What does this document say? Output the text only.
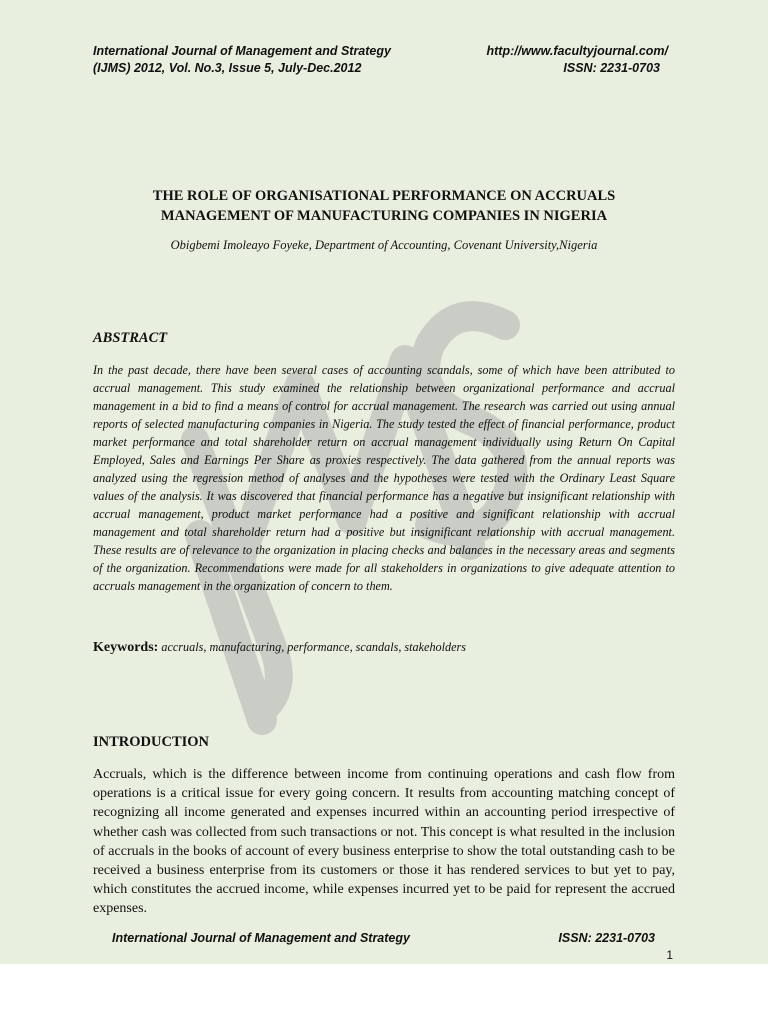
International Journal of Management and Strategy	http://www.facultyjournal.com/
(IJMS) 2012, Vol. No.3, Issue 5, July-Dec.2012	ISSN: 2231-0703
THE ROLE OF ORGANISATIONAL PERFORMANCE ON ACCRUALS
MANAGEMENT OF MANUFACTURING COMPANIES IN NIGERIA
Obigbemi Imoleayo Foyeke, Department of Accounting, Covenant University,Nigeria
ABSTRACT

In the past decade, there have been several cases of accounting scandals, some of which have been attributed to accrual management. This study examined the relationship between organizational performance and accrual management in a bid to find a means of control for accrual management. The research was carried out using annual reports of selected manufacturing companies in Nigeria. The study tested the effect of financial performance, product market performance and total shareholder return on accrual management individually using Return On Capital Employed, Sales and Earnings Per Share as proxies respectively. The data gathered from the annual reports was analyzed using the regression method of analyses and the hypotheses were tested with the Ordinary Least Square values of the analysis. It was discovered that financial performance has a negative but insignificant relationship with accrual management, product market performance had a positive and significant relationship with accrual management and total shareholder return had a positive but insignificant relationship with accrual management. These results are of relevance to the organization in placing checks and balances in the necessary areas and segments of the organization. Recommendations were made for all stakeholders in organizations to give adequate attention to accruals management in the organization of concern to them.

Keywords: accruals, manufacturing, performance, scandals, stakeholders
INTRODUCTION

Accruals, which is the difference between income from continuing operations and cash flow from operations is a critical issue for every going concern. It results from accounting matching concept of recognizing all income generated and expenses incurred within an accounting period irrespective of whether cash was collected from such transactions or not. This concept is what resulted in the inclusion of accruals in the books of account of every business enterprise to show the total outstanding cash to be received a business enterprise from its customers or those it has rendered services to but yet to pay, which constitutes the accrued income, while expenses incurred yet to be paid for represent the accrued expenses.

International Journal of Management and Strategy	ISSN: 2231-0703
1
